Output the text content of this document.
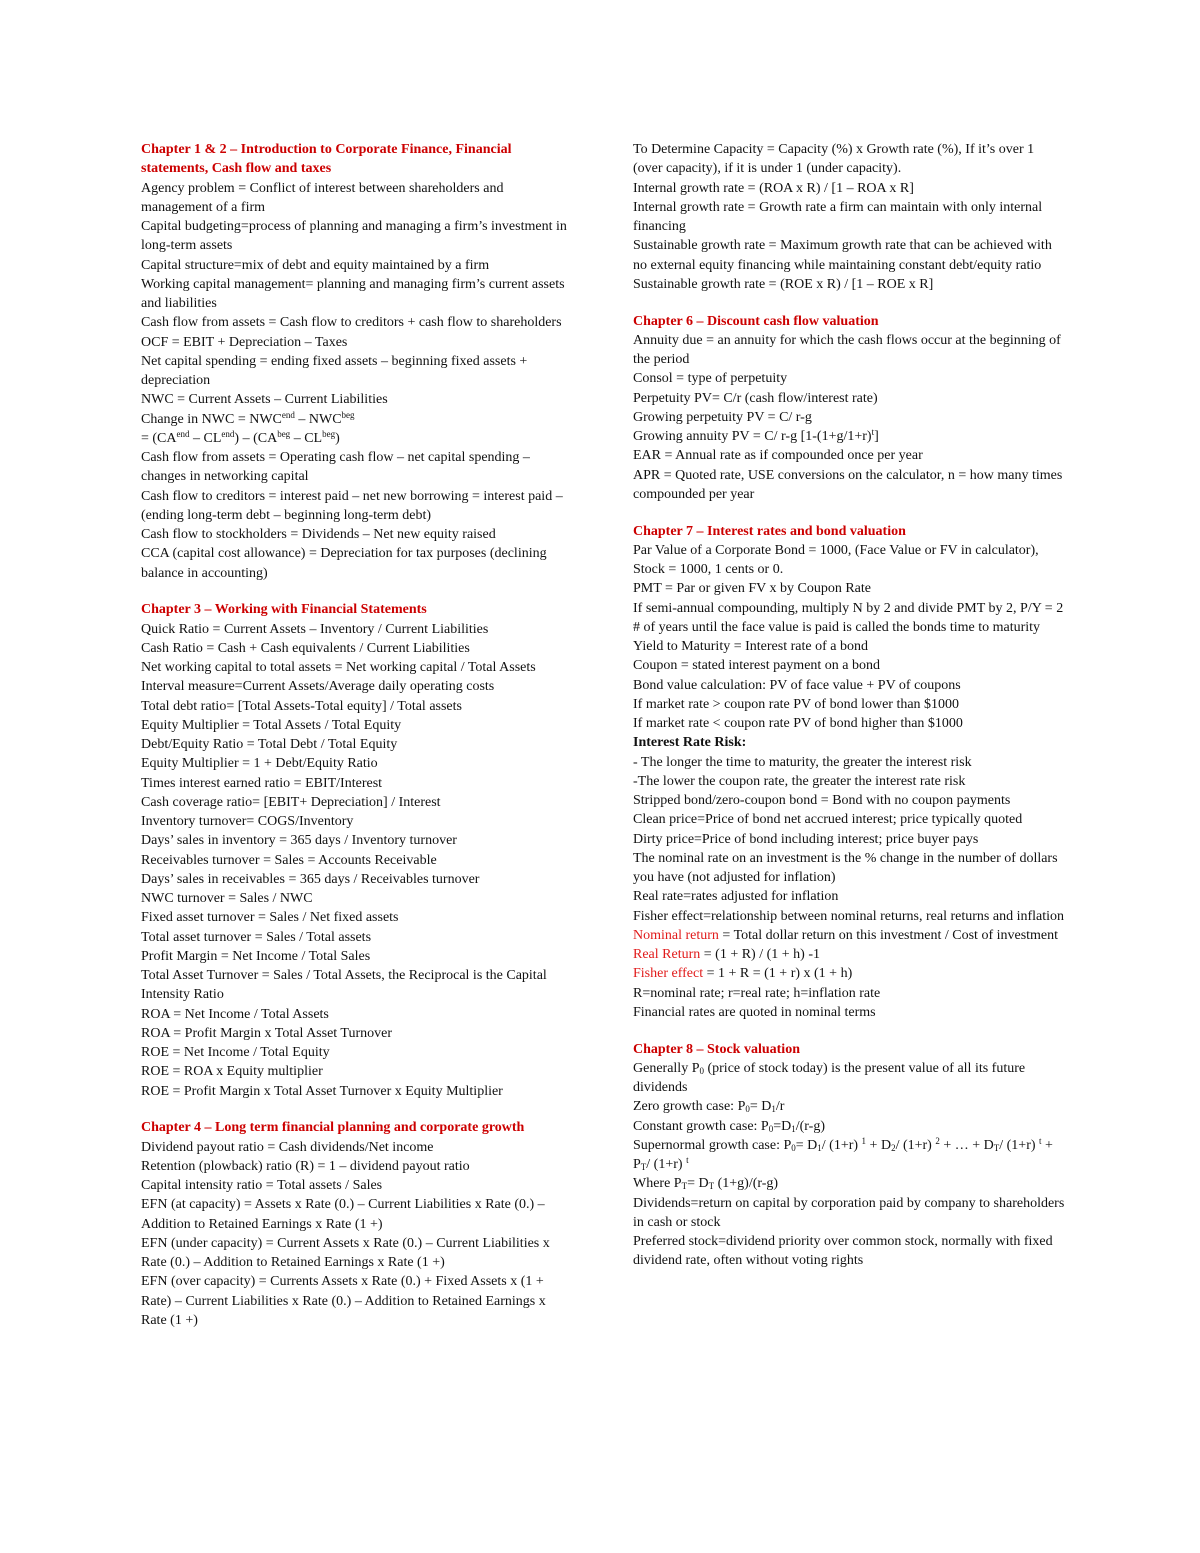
Chapter 1 & 2 – Introduction to Corporate Finance, Financial statements, Cash flow and taxes
Agency problem = Conflict of interest between shareholders and management of a firm
Capital budgeting=process of planning and managing a firm’s investment in long-term assets
Capital structure=mix of debt and equity maintained by a firm
Working capital management= planning and managing firm’s current assets and liabilities
Cash flow from assets = Cash flow to creditors + cash flow to shareholders
OCF = EBIT + Depreciation – Taxes
Net capital spending = ending fixed assets – beginning fixed assets + depreciation
NWC = Current Assets – Current Liabilities
Change in NWC = $NWC^{end} - NWC^{beg}$
= $(CA^{end} - CL^{end}) - (CA^{beg} - CL^{beg})$
Cash flow from assets = Operating cash flow – net capital spending – changes in networking capital
Cash flow to creditors = interest paid – net new borrowing = interest paid – (ending long-term debt – beginning long-term debt)
Cash flow to stockholders = Dividends – Net new equity raised
CCA (capital cost allowance) = Depreciation for tax purposes (declining balance in accounting)
Chapter 3 – Working with Financial Statements
Quick Ratio = Current Assets – Inventory / Current Liabilities
Cash Ratio = Cash + Cash equivalents / Current Liabilities
Net working capital to total assets = Net working capital / Total Assets
Interval measure=Current Assets/Average daily operating costs
Total debt ratio= [Total Assets-Total equity] / Total assets
Equity Multiplier = Total Assets / Total Equity
Debt/Equity Ratio = Total Debt / Total Equity
Equity Multiplier = 1 + Debt/Equity Ratio
Times interest earned ratio = EBIT/Interest
Cash coverage ratio= [EBIT+ Depreciation] / Interest
Inventory turnover= COGS/Inventory
Days’ sales in inventory = 365 days / Inventory turnover
Receivables turnover = Sales = Accounts Receivable
Days’ sales in receivables = 365 days / Receivables turnover
NWC turnover = Sales / NWC
Fixed asset turnover = Sales / Net fixed assets
Total asset turnover = Sales / Total assets
Profit Margin = Net Income / Total Sales
Total Asset Turnover = Sales / Total Assets, the Reciprocal is the Capital Intensity Ratio
ROA = Net Income / Total Assets
ROA = Profit Margin x Total Asset Turnover
ROE = Net Income / Total Equity
ROE = ROA x Equity multiplier
ROE = Profit Margin x Total Asset Turnover x Equity Multiplier
Chapter 4 – Long term financial planning and corporate growth
Dividend payout ratio = Cash dividends/Net income
Retention (plowback) ratio (R) = 1 – dividend payout ratio
Capital intensity ratio = Total assets / Sales
EFN (at capacity) = Assets x Rate (0.) – Current Liabilities x Rate (0.) – Addition to Retained Earnings x Rate (1 +)
EFN (under capacity) = Current Assets x Rate (0.) – Current Liabilities x Rate (0.) – Addition to Retained Earnings x Rate (1 +)
EFN (over capacity) = Currents Assets x Rate (0.) + Fixed Assets x (1 + Rate) – Current Liabilities x Rate (0.) – Addition to Retained Earnings x Rate (1 +)
To Determine Capacity = Capacity (%) x Growth rate (%), If it’s over 1 (over capacity), if it is under 1 (under capacity).
Internal growth rate = (ROA x R) / [1 – ROA x R]
Internal growth rate = Growth rate a firm can maintain with only internal financing
Sustainable growth rate = Maximum growth rate that can be achieved with no external equity financing while maintaining constant debt/equity ratio
Sustainable growth rate = (ROE x R) / [1 – ROE x R]
Chapter 6 – Discount cash flow valuation
Annuity due = an annuity for which the cash flows occur at the beginning of the period
Consol = type of perpetuity
Perpetuity PV= C/r (cash flow/interest rate)
Growing perpetuity PV = C/ r-g
Growing annuity PV = C/ r-g $[1-(1+g/1+r)^t]$
EAR = Annual rate as if compounded once per year
APR = Quoted rate, USE conversions on the calculator, n = how many times compounded per year
Chapter 7 – Interest rates and bond valuation
Par Value of a Corporate Bond = 1000, (Face Value or FV in calculator), Stock = 1000, 1 cents or 0.
PMT = Par or given FV x by Coupon Rate
If semi-annual compounding, multiply N by 2 and divide PMT by 2, P/Y = 2
# of years until the face value is paid is called the bonds time to maturity
Yield to Maturity = Interest rate of a bond
Coupon = stated interest payment on a bond
Bond value calculation: PV of face value + PV of coupons
If market rate > coupon rate PV of bond lower than $1000
If market rate < coupon rate PV of bond higher than $1000
Interest Rate Risk:
- The longer the time to maturity, the greater the interest risk
-The lower the coupon rate, the greater the interest rate risk
Stripped bond/zero-coupon bond = Bond with no coupon payments
Clean price=Price of bond net accrued interest; price typically quoted
Dirty price=Price of bond including interest; price buyer pays
The nominal rate on an investment is the % change in the number of dollars you have (not adjusted for inflation)
Real rate=rates adjusted for inflation
Fisher effect=relationship between nominal returns, real returns and inflation
Nominal return = Total dollar return on this investment / Cost of investment
Real Return = (1 + R) / (1 + h) -1
Fisher effect = 1 + R = (1 + r) x (1 + h)
R=nominal rate; r=real rate; h=inflation rate
Financial rates are quoted in nominal terms
Chapter 8 – Stock valuation
Generally $P_0$ (price of stock today) is the present value of all its future dividends
Zero growth case: $P_0= D_1/r$
Constant growth case: $P_0=D_1/(r-g)$
Supernormal growth case: $P_0= D_1/$ (1+r) $^1 + D_2/$ (1+r) $^2$ + … + $D_T/$ (1+r) $^t + P_T/$ (1+r) $^t$
Where $P_T= D_T$ (1+g)/(r-g)
Dividends=return on capital by corporation paid by company to shareholders in cash or stock
Preferred stock=dividend priority over common stock, normally with fixed dividend rate, often without voting rights
